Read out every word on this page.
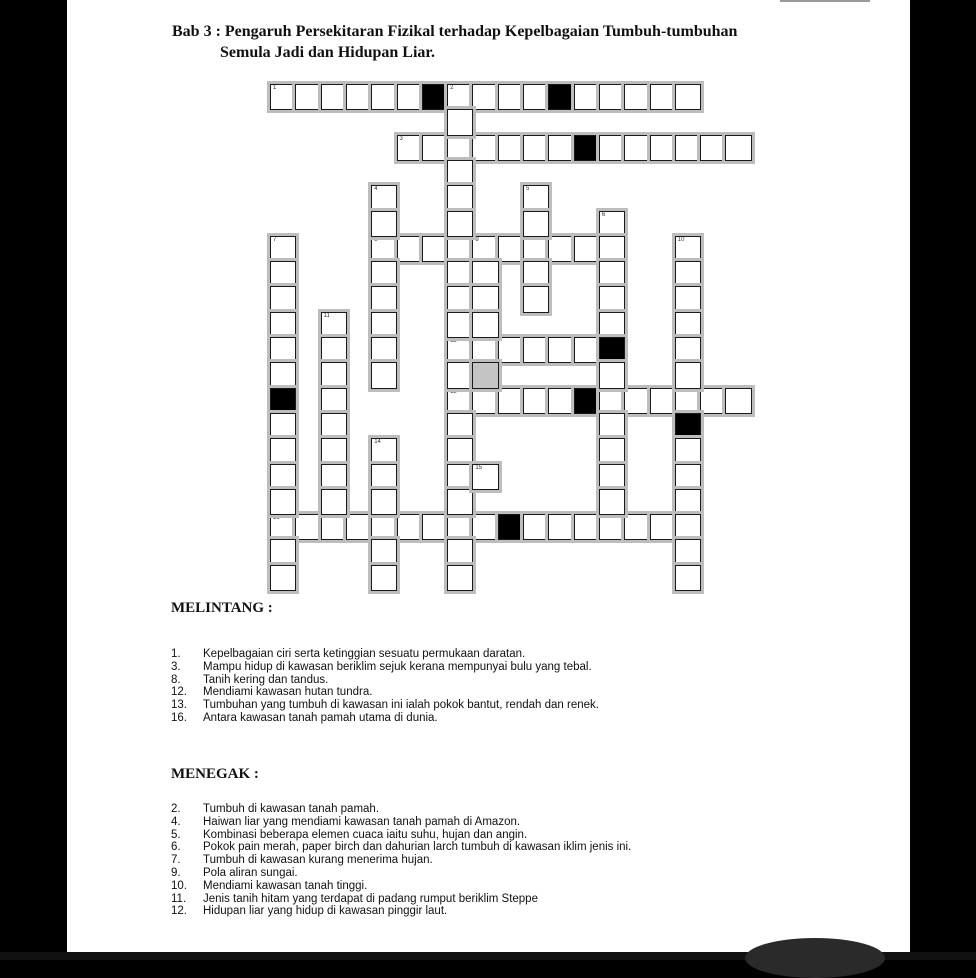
Bab 3 : Pengaruh Persekitaran Fizikal terhadap Kepelbagaian Tumbuh-tumbuhan
Semula Jadi dan Hidupan Liar.
1	2
3
8	9
12
13
16
4	5
6
10
7
11
14
15
MELINTANG :
1. Kepelbagaian ciri serta ketinggian sesuatu permukaan daratan.
3. Mampu hidup di kawasan beriklim sejuk kerana mempunyai bulu yang tebal.
8. Tanih kering dan tandus.
12. Mendiami kawasan hutan tundra.
13. Tumbuhan yang tumbuh di kawasan ini ialah pokok bantut, rendah dan renek.
16. Antara kawasan tanah pamah utama di dunia.
MENEGAK :
2. Tumbuh di kawasan tanah pamah.
4. Haiwan liar yang mendiami kawasan tanah pamah di Amazon.
5. Kombinasi beberapa elemen cuaca iaitu suhu, hujan dan angin.
6. Pokok pain merah, paper birch dan dahurian larch tumbuh di kawasan iklim jenis ini.
7. Tumbuh di kawasan kurang menerima hujan.
9. Pola aliran sungai.
10. Mendiami kawasan tanah tinggi.
11. Jenis tanih hitam yang terdapat di padang rumput beriklim Steppe
12. Hidupan liar yang hidup di kawasan pinggir laut.
